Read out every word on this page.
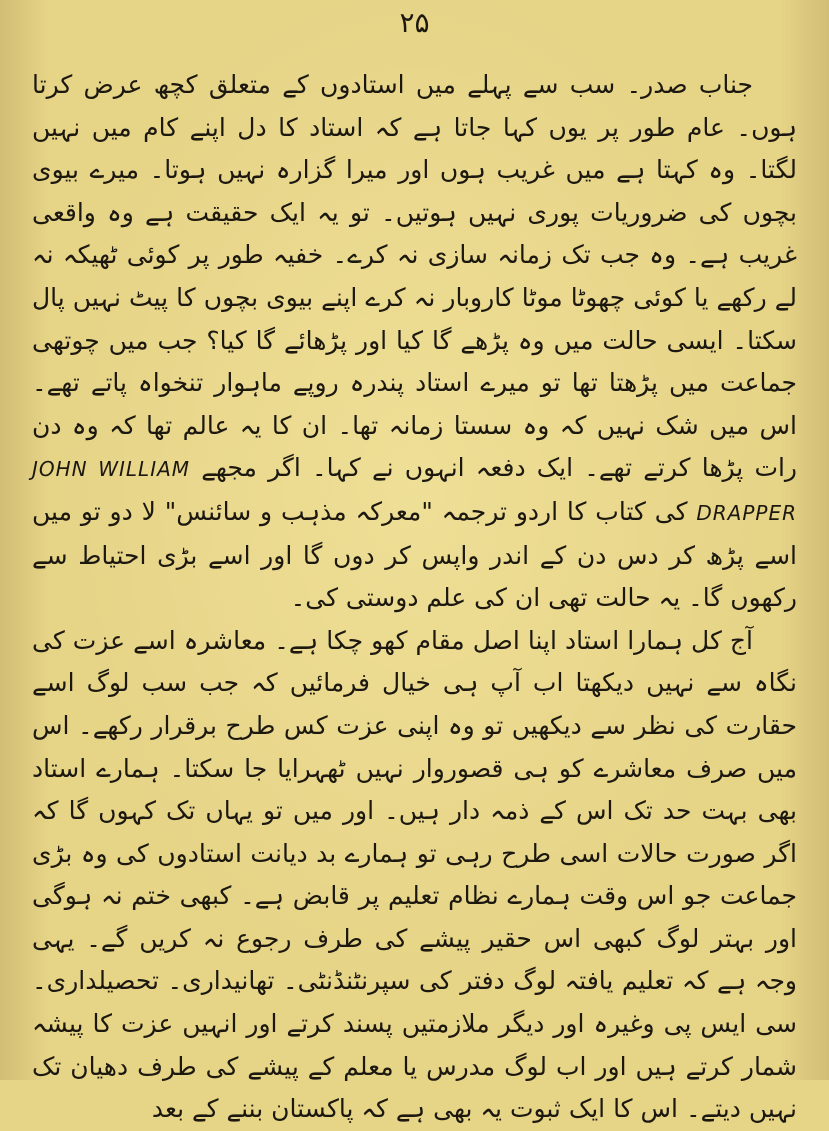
۲۵

جناب صدر۔ سب سے پہلے میں استادوں کے متعلق کچھ عرض کرتا ہوں۔ عام طور پر یوں کہا جاتا ہے کہ استاد کا دل اپنے کام میں نہیں لگتا۔ وہ کہتا ہے میں غریب ہوں اور میرا گزارہ نہیں ہوتا۔ میرے بیوی بچوں کی ضروریات پوری نہیں ہوتیں۔ تو یہ ایک حقیقت ہے وہ واقعی غریب ہے۔ وہ جب تک زمانہ سازی نہ کرے۔ خفیہ طور پر کوئی ٹھیکہ نہ لے رکھے یا کوئی چھوٹا موٹا کاروبار نہ کرے اپنے بیوی بچوں کا پیٹ نہیں پال سکتا۔ ایسی حالت میں وہ پڑھے گا کیا اور پڑھائے گا کیا؟ جب میں چوتھی جماعت میں پڑھتا تھا تو میرے استاد پندرہ روپے ماہوار تنخواہ پاتے تھے۔ اس میں شک نہیں کہ وہ سستا زمانہ تھا۔ ان کا یہ عالم تھا کہ وہ دن رات پڑھا کرتے تھے۔ ایک دفعہ انہوں نے کہا۔ اگر مجھے JOHN WILLIAM DRAPPER کی کتاب کا اردو ترجمہ "معرکہ مذہب و سائنس" لا دو تو میں اسے پڑھ کر دس دن کے اندر واپس کر دوں گا اور اسے بڑی احتیاط سے رکھوں گا۔ یہ حالت تھی ان کی علم دوستی کی۔

آج کل ہمارا استاد اپنا اصل مقام کھو چکا ہے۔ معاشرہ اسے عزت کی نگاہ سے نہیں دیکھتا اب آپ ہی خیال فرمائیں کہ جب سب لوگ اسے حقارت کی نظر سے دیکھیں تو وہ اپنی عزت کس طرح برقرار رکھے۔ اس میں صرف معاشرے کو ہی قصوروار نہیں ٹھہرایا جا سکتا۔ ہمارے استاد بھی بہت حد تک اس کے ذمہ دار ہیں۔ اور میں تو یہاں تک کہوں گا کہ اگر صورت حالات اسی طرح رہی تو ہمارے بد دیانت استادوں کی وہ بڑی جماعت جو اس وقت ہمارے نظام تعلیم پر قابض ہے۔ کبھی ختم نہ ہوگی اور بہتر لوگ کبھی اس حقیر پیشے کی طرف رجوع نہ کریں گے۔ یہی وجہ ہے کہ تعلیم یافتہ لوگ دفتر کی سپرنٹنڈنٹی۔ تھانیداری۔ تحصیلداری۔ سی ایس پی وغیرہ اور دیگر ملازمتیں پسند کرتے اور انہیں عزت کا پیشہ شمار کرتے ہیں اور اب لوگ مدرس یا معلم کے پیشے کی طرف دھیان تک نہیں دیتے۔ اس کا ایک ثبوت یہ بھی ہے کہ پاکستان بننے کے بعد
